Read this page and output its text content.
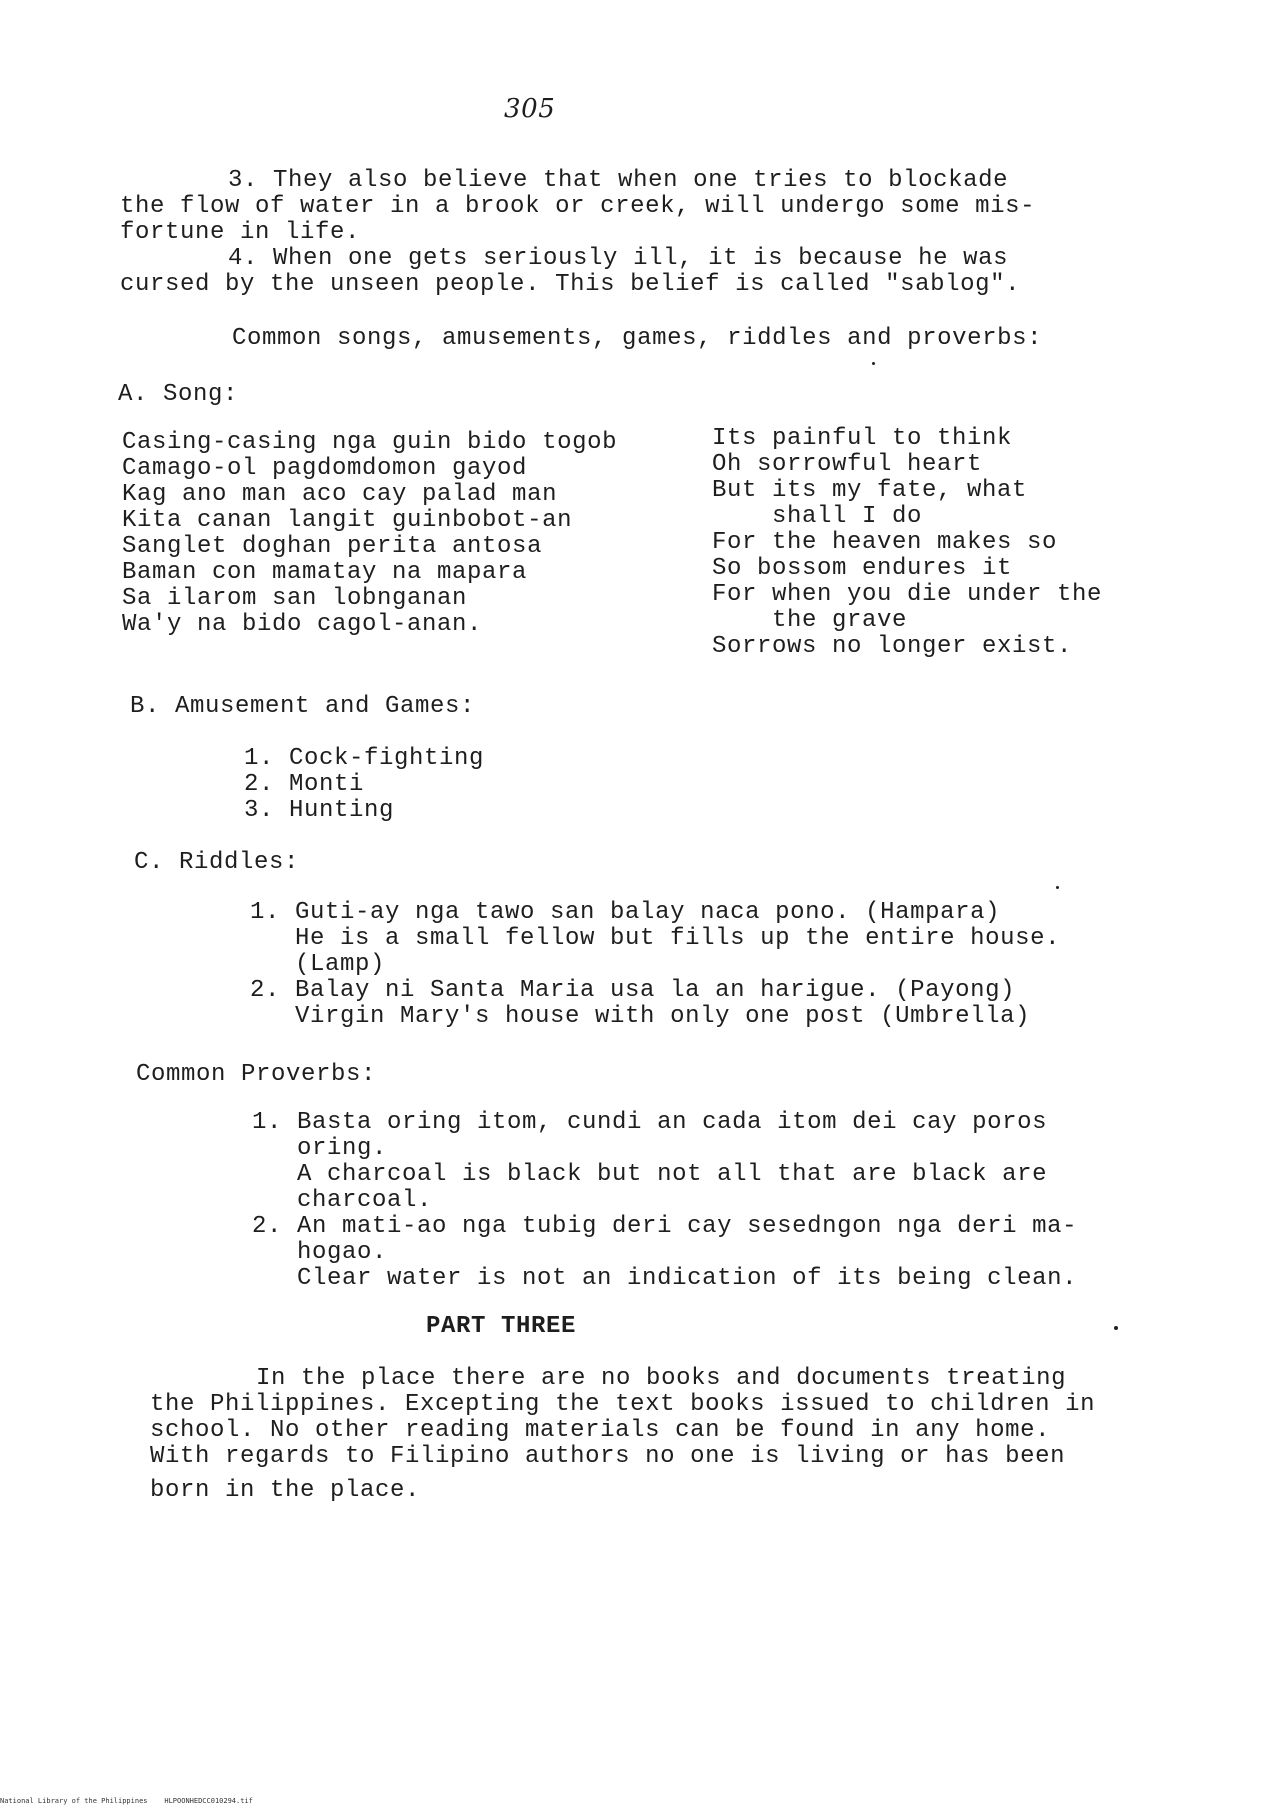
305
3. They also believe that when one tries to blockade
the flow of water in a brook or creek, will undergo some mis-
fortune in life.
4. When one gets seriously ill, it is because he was
cursed by the unseen people. This belief is called "sablog".
Common songs, amusements, games, riddles and proverbs:
A. Song:
Casing-casing nga guin bido togob
Camago-ol pagdomdomon gayod
Kag ano man aco cay palad man
Kita canan langit guinbobot-an
Sanglet doghan perita antosa
Baman con mamatay na mapara
Sa ilarom san lobnganan
Wa'y na bido cagol-anan.
Its painful to think
Oh sorrowful heart
But its my fate, what
shall I do
For the heaven makes so
So bossom endures it
For when you die under the
the grave
Sorrows no longer exist.
B. Amusement and Games:
1. Cock-fighting
2. Monti
3. Hunting
C. Riddles:
1. Guti-ay nga tawo san balay naca pono. (Hampara)
He is a small fellow but fills up the entire house.
(Lamp)
2. Balay ni Santa Maria usa la an harigue. (Payong)
Virgin Mary's house with only one post (Umbrella)
Common Proverbs:
1. Basta oring itom, cundi an cada itom dei cay poros
oring.
A charcoal is black but not all that are black are
charcoal.
2. An mati-ao nga tubig deri cay sesedngon nga deri ma-
hogao.
Clear water is not an indication of its being clean.
PART THREE
In the place there are no books and documents treating
the Philippines. Excepting the text books issued to children in
school. No other reading materials can be found in any home.
With regards to Filipino authors no one is living or has been
born in the place.
National Library of the Philippines HLPOONHEDCC010294.tif
